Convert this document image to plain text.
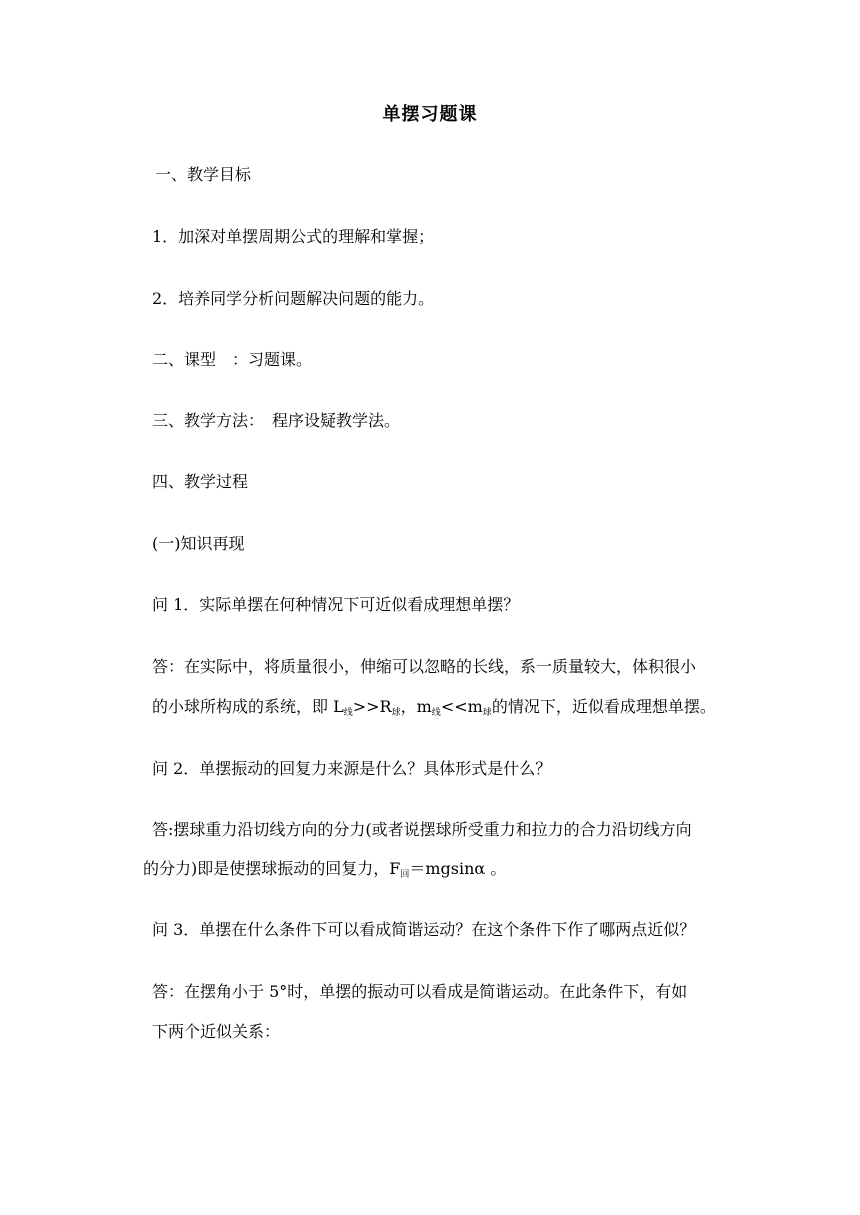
单摆习题课
一、教学目标
1．加深对单摆周期公式的理解和掌握；
2．培养同学分析问题解决问题的能力。
二、课型　：习题课。
三、教学方法：　程序设疑教学法。
四、教学过程
(一)知识再现
问 1．实际单摆在何种情况下可近似看成理想单摆？
答：在实际中，将质量很小，伸缩可以忽略的长线，系一质量较大，体积很小
的小球所构成的系统，即 $L_线>>R_球$，$m_线<<m_球$的情况下，近似看成理想单摆。
问 2．单摆振动的回复力来源是什么？具体形式是什么？
答:摆球重力沿切线方向的分力(或者说摆球所受重力和拉力的合力沿切线方向
的分力)即是使摆球振动的回复力，$F_回=mgsin\alpha$ 。
问 3．单摆在什么条件下可以看成简谐运动？在这个条件下作了哪两点近似？
答：在摆角小于 5°时，单摆的振动可以看成是简谐运动。在此条件下，有如
下两个近似关系：
